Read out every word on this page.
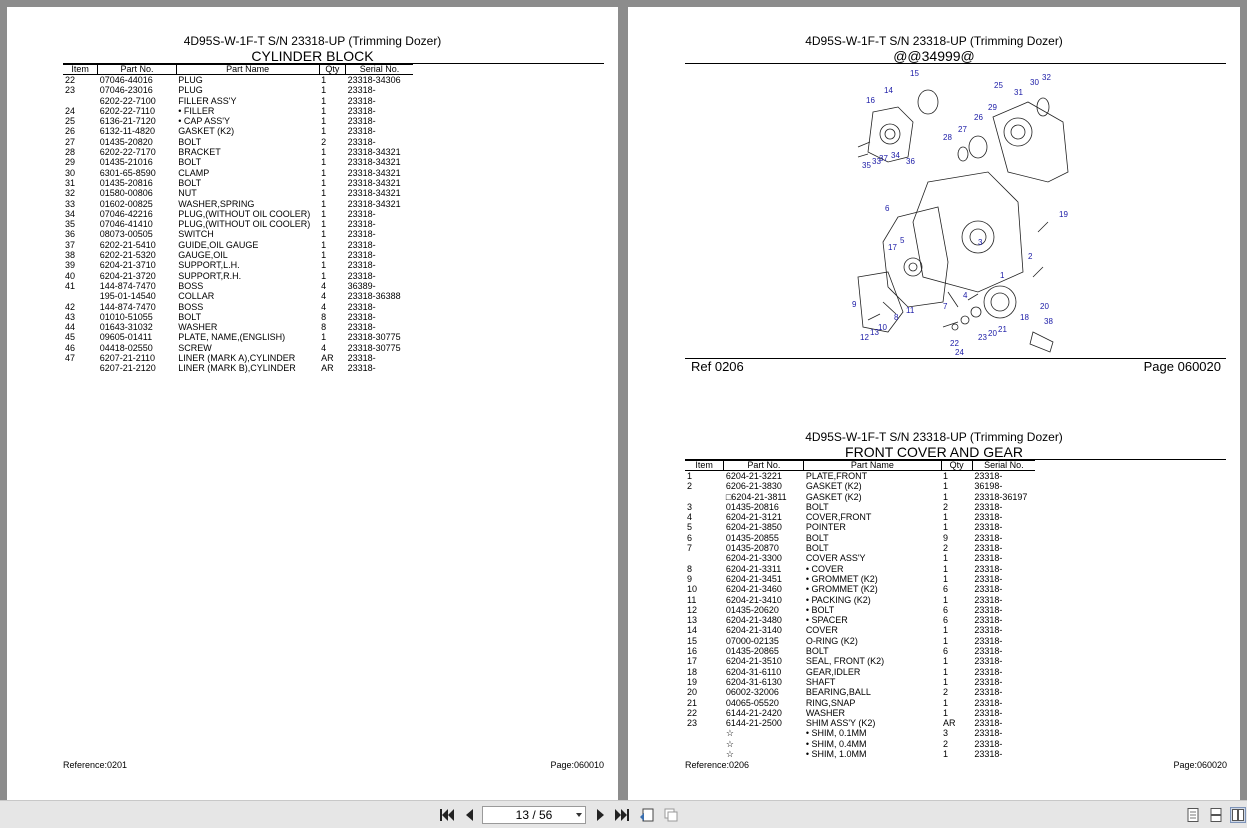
4D95S-W-1F-T S/N 23318-UP (Trimming Dozer)
CYLINDER BLOCK
Item	Part No.	Part Name	Qty	Serial No.
22	07046-44016	PLUG	1	23318-34306
23	07046-23016	PLUG	1	23318-
	6202-22-7100	FILLER ASS'Y	1	23318-
24	6202-22-7110	• FILLER	1	23318-
25	6136-21-7120	• CAP ASS'Y	1	23318-
26	6132-11-4820	GASKET (K2)	1	23318-
27	01435-20820	BOLT	2	23318-
28	6202-22-7170	BRACKET	1	23318-34321
29	01435-21016	BOLT	1	23318-34321
30	6301-65-8590	CLAMP	1	23318-34321
31	01435-20816	BOLT	1	23318-34321
32	01580-00806	NUT	1	23318-34321
33	01602-00825	WASHER,SPRING	1	23318-34321
34	07046-42216	PLUG,(WITHOUT OIL COOLER)	1	23318-
35	07046-41410	PLUG,(WITHOUT OIL COOLER)	1	23318-
36	08073-00505	SWITCH	1	23318-
37	6202-21-5410	GUIDE,OIL GAUGE	1	23318-
38	6202-21-5320	GAUGE,OIL	1	23318-
39	6204-21-3710	SUPPORT,L.H.	1	23318-
40	6204-21-3720	SUPPORT,R.H.	1	23318-
41	144-874-7470	BOSS	4	36389-
	195-01-14540	COLLAR	4	23318-36388
42	144-874-7470	BOSS	4	23318-
43	01010-51055	BOLT	8	23318-
44	01643-31032	WASHER	8	23318-
45	09605-01411	PLATE, NAME,(ENGLISH)	1	23318-30775
46	04418-02550	SCREW	4	23318-30775
47	6207-21-2110	LINER (MARK A),CYLINDER	AR	23318-
	6207-21-2120	LINER (MARK B),CYLINDER	AR	23318-
Reference:0201	Page:060010
4D95S-W-1F-T S/N 23318-UP (Trimming Dozer)
@@34999@
15
14
16
25	30
32
31
29
26
27
28
35 33
37 34
36
6
5	3
17
19
2
1
9
4
7
11
10
8
13
12
18
20
21
38
20
23
22
24
Ref 0206	Page 060020
4D95S-W-1F-T S/N 23318-UP (Trimming Dozer)
FRONT COVER AND GEAR
Item	Part No.	Part Name	Qty	Serial No.
1	6204-21-3221	PLATE,FRONT	1	23318-
2	6206-21-3830	GASKET (K2)	1	36198-
	□6204-21-3811	GASKET (K2)	1	23318-36197
3	01435-20816	BOLT	2	23318-
4	6204-21-3121	COVER,FRONT	1	23318-
5	6204-21-3850	POINTER	1	23318-
6	01435-20855	BOLT	9	23318-
7	01435-20870	BOLT	2	23318-
	6204-21-3300	COVER ASS'Y	1	23318-
8	6204-21-3311	• COVER	1	23318-
9	6204-21-3451	• GROMMET (K2)	1	23318-
10	6204-21-3460	• GROMMET (K2)	6	23318-
11	6204-21-3410	• PACKING (K2)	1	23318-
12	01435-20620	• BOLT	6	23318-
13	6204-21-3480	• SPACER	6	23318-
14	6204-21-3140	COVER	1	23318-
15	07000-02135	O-RING (K2)	1	23318-
16	01435-20865	BOLT	6	23318-
17	6204-21-3510	SEAL, FRONT (K2)	1	23318-
18	6204-31-6110	GEAR,IDLER	1	23318-
19	6204-31-6130	SHAFT	1	23318-
20	06002-32006	BEARING,BALL	2	23318-
21	04065-05520	RING,SNAP	1	23318-
22	6144-21-2420	WASHER	1	23318-
23	6144-21-2500	SHIM ASS'Y (K2)	AR	23318-
	☆	• SHIM, 0.1MM	3	23318-
	☆	• SHIM, 0.4MM	2	23318-
	☆	• SHIM, 1.0MM	1	23318-
Reference:0206	Page:060020
13 / 56
